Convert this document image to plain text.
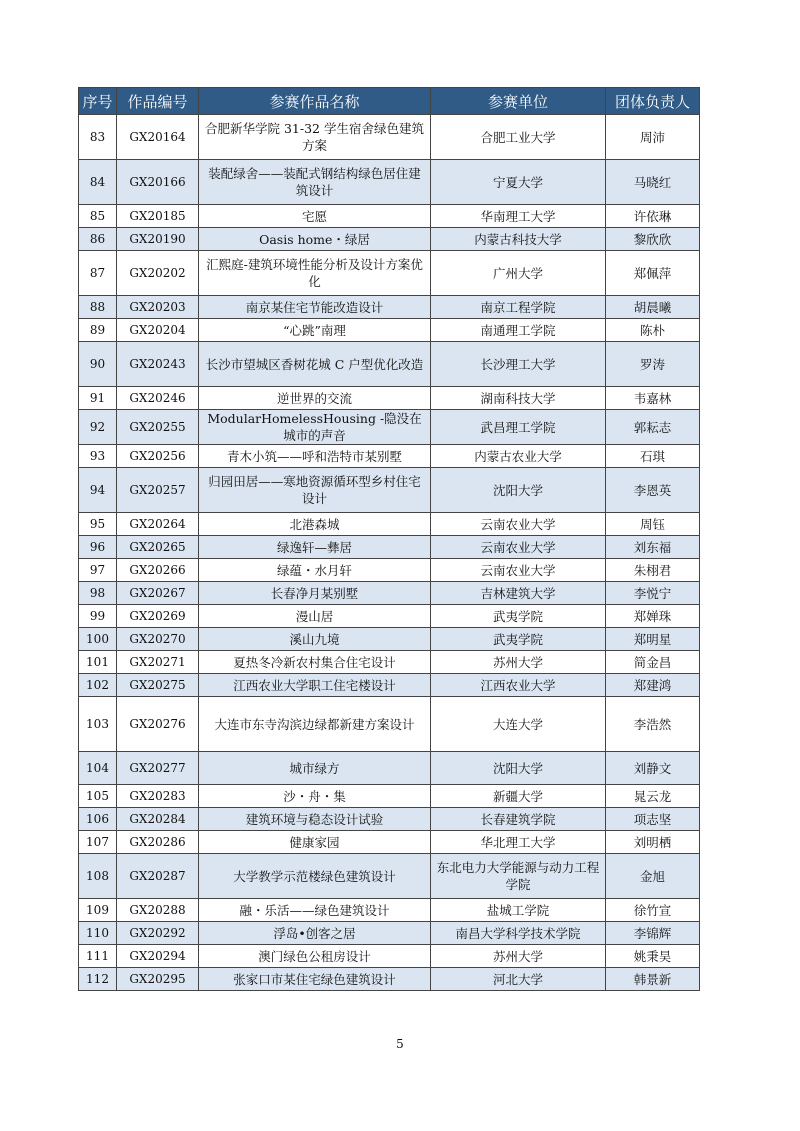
序号	作品编号	参赛作品名称	参赛单位	团体负责人
83	GX20164	合肥新华学院 31-32 学生宿舍绿色建筑方案	合肥工业大学	周沛
84	GX20166	装配绿舍——装配式钢结构绿色居住建筑设计	宁夏大学	马晓红
85	GX20185	宅愿	华南理工大学	许依琳
86	GX20190	Oasis home・绿居	内蒙古科技大学	黎欣欣
87	GX20202	汇熙庭-建筑环境性能分析及设计方案优化	广州大学	郑佩萍
88	GX20203	南京某住宅节能改造设计	南京工程学院	胡晨曦
89	GX20204	“心跳”南理	南通理工学院	陈朴
90	GX20243	长沙市望城区香树花城 C 户型优化改造	长沙理工大学	罗涛
91	GX20246	逆世界的交流	湖南科技大学	韦嘉林
92	GX20255	ModularHomelessHousing -隐没在城市的声音	武昌理工学院	郭耘志
93	GX20256	青木小筑——呼和浩特市某别墅	内蒙古农业大学	石琪
94	GX20257	归园田居——寒地资源循环型乡村住宅设计	沈阳大学	李恩英
95	GX20264	北港森城	云南农业大学	周钰
96	GX20265	绿逸轩—彝居	云南农业大学	刘东福
97	GX20266	绿蕴・水月轩	云南农业大学	朱栩君
98	GX20267	长春净月某别墅	吉林建筑大学	李悦宁
99	GX20269	漫山居	武夷学院	郑婵珠
100	GX20270	溪山九境	武夷学院	郑明星
101	GX20271	夏热冬冷新农村集合住宅设计	苏州大学	简金昌
102	GX20275	江西农业大学职工住宅楼设计	江西农业大学	郑建鸿
103	GX20276	大连市东寺沟滨边绿都新建方案设计	大连大学	李浩然
104	GX20277	城市绿方	沈阳大学	刘静文
105	GX20283	沙・舟・集	新疆大学	晁云龙
106	GX20284	建筑环境与稳态设计试验	长春建筑学院	项志坚
107	GX20286	健康家园	华北理工大学	刘明栖
108	GX20287	大学教学示范楼绿色建筑设计	东北电力大学能源与动力工程学院	金旭
109	GX20288	融・乐活——绿色建筑设计	盐城工学院	徐竹宣
110	GX20292	浮岛•创客之居	南昌大学科学技术学院	李锦辉
111	GX20294	澳门绿色公租房设计	苏州大学	姚秉昊
112	GX20295	张家口市某住宅绿色建筑设计	河北大学	韩景新
5
